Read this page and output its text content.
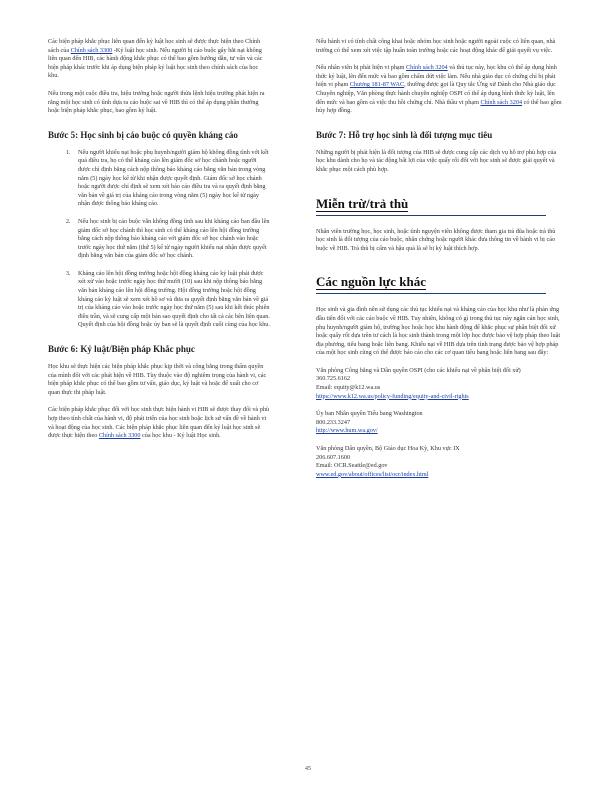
Các biện pháp khắc phục liên quan đến kỷ luật học sinh sẽ được thực hiện theo Chính sách của Chính sách 3300 -Kỷ luật học sinh. Nếu người bị cáo buộc gây bắt nạt không liên quan đến HIB, các hành động khắc phục có thể bao gồm hướng dẫn, tư vấn và các biện pháp khác trước khi áp dụng biện pháp kỷ luật học sinh theo chính sách của học khu.

Nếu trong một cuộc điều tra, hiệu trưởng hoặc người thừa lệnh hiệu trưởng phát hiện ra rằng một học sinh có tình dựa ra cáo buộc sai về HIB thì có thể áp dụng phần thưởng hoặc biện pháp khắc phục, bao gồm kỷ luật.

Bước 5: Học sinh bị cáo buộc có quyền kháng cáo
1. Nếu người khiếu nại hoặc phụ huynh/người giám hộ không đồng tình với kết quả điều tra, họ có thể kháng cáo lên giám đốc sở học chánh hoặc người được chỉ định bằng cách nộp thông báo kháng cáo bằng văn bản trong vòng năm (5) ngày học kể từ khi nhận được quyết định. Giám đốc sở học chánh hoặc người được chỉ định sẽ xem xét báo cáo điều tra và ra quyết định bằng văn bản về giá trị của kháng cáo trong vòng năm (5) ngày học kể từ ngày nhận được thông báo kháng cáo.
2. Nếu học sinh bị cáo buộc vẫn không đồng tình sau khi kháng cáo ban đầu lên giám đốc sở học chánh thì học sinh có thể kháng cáo lên hội đồng trường bằng cách nộp thông báo kháng cáo với giám đốc sở học chánh vào hoặc trước ngày học thứ năm (thứ 5) kể từ ngày người khiếu nại nhận được quyết định bằng văn bản của giám đốc sở học chánh.
3. Kháng cáo lên hội đồng trường hoặc hội đồng kháng cáo kỷ luật phải được xét xử vào hoặc trước ngày học thứ mười (10) sau khi nộp thông báo bằng văn bản kháng cáo lên hội đồng trường. Hội đồng trường hoặc hội đồng kháng cáo kỷ luật sẽ xem xét hồ sơ và đưa ra quyết định bằng văn bản về giá trị của kháng cáo vào hoặc trước ngày học thứ năm (5) sau khi kết thúc phiên điều trần, và sẽ cung cấp một bản sao quyết định cho tất cả các bên liên quan. Quyết định của hội đồng hoặc ủy ban sẽ là quyết định cuối cùng của học khu.
Bước 6: Kỷ luật/Biện pháp Khắc phục

Học khu sẽ thực hiện các biện pháp khắc phục kịp thời và công bằng trong thẩm quyền của mình đối với các phát hiện về HIB. Tùy thuộc vào độ nghiêm trọng của hành vi, các biện pháp khắc phục có thể bao gồm tư vấn, giáo dục, kỷ luật và hoặc để xuất cho cơ quan thực thi pháp luật.

Các biện pháp khắc phục đối với học sinh thực hiện hành vi HIB sẽ được thay đổi và phù hợp theo tính chất của hành vi, độ phát triển của học sinh hoặc lịch sử vấn đề về hành vi và hoạt động của học sinh. Các biện pháp khắc phục liên quan đến kỷ luật học sinh sẽ được thực hiện theo Chính sách 3300 của học khu - Kỷ luật Học sinh.

Nếu hành vi có tính chất công khai hoặc nhóm học sinh hoặc người ngoài cuộc có liên quan, nhà trường có thể xem xét việc tập huấn toàn trường hoặc các hoạt động khác để giải quyết vụ việc.

Nếu nhân viên bị phát hiện vi phạm Chính sách 3204 và thủ tục này, học khu có thể áp dụng hình thức kỷ luật, lên đến mức và bao gồm chấm dứt việc làm. Nếu nhà giáo dục có chứng chỉ bị phát hiện vi phạm Chương 181-87 WAC, thường được gọi là Quy tắc Ứng xử Dành cho Nhà giáo dục Chuyên nghiệp, Văn phòng thực hành chuyên nghiệp OSPI có thể áp dụng hình thức kỷ luật, lên đến mức và bao gồm cả việc thu hồi chứng chỉ. Nhà thầu vi phạm Chính sách 3204 có thể bao gồm hủy hợp đồng.

Bước 7: Hỗ trợ học sinh là đối tượng mục tiêu

Những người bị phát hiện là đối tượng của HIB sẽ được cung cấp các dịch vụ hỗ trợ phù hợp của học khu dành cho họ và tác động bất lợi của việc quấy rối đối với học sinh sẽ được giải quyết và khắc phục một cách phù hợp.

Miễn trừ/trả thù

Nhân viên trường học, học sinh, hoặc tình nguyện viên không được tham gia trả đũa hoặc trả thù học sinh là đối tượng của cáo buộc, nhân chứng hoặc người khác đưa thông tin về hành vi bị cáo buộc về HIB. Trả thù bị cấm và hậu quả là sẽ bị kỷ luật thích hợp.

Các nguồn lực khác

Học sinh và gia đình nên sử dụng các thủ tục khiếu nại và kháng cáo của học khu như là phản ứng đầu tiên đối với các cáo buộc về HIB. Tuy nhiên, không có gì trong thủ tục này ngăn cản học sinh, phụ huynh/người giám hộ, trường học hoặc học khu hành động để khắc phục sự phân biệt đối xử hoặc quấy rối dựa trên tư cách là học sinh thành trong một lớp học được bảo vệ hợp pháp theo luật địa phương, tiểu bang hoặc liên bang. Khiếu nại về HIB dựa trên tình trạng được bảo vệ hợp pháp của một học sinh cũng có thể được báo cáo cho các cơ quan tiểu bang hoặc liên bang sau đây:

Văn phòng Công bằng và Dân quyền OSPI (cho các khiếu nại về phân biệt đối xử)
360.725.6162
Email: equity@k12.wa.us
https://www.k12.wa.us/policy-funding/equity-and-civil-rights

Ủy ban Nhân quyền Tiểu bang Washington
800.233.3247
http://www.hum.wa.gov/

Văn phòng Dân quyền, Bộ Giáo dục Hoa Kỳ, Khu vực IX
206.607.1600
Email: OCR.Seattle@ed.gov
www.ed.gov/about/offices/list/ocr/index.html

45
